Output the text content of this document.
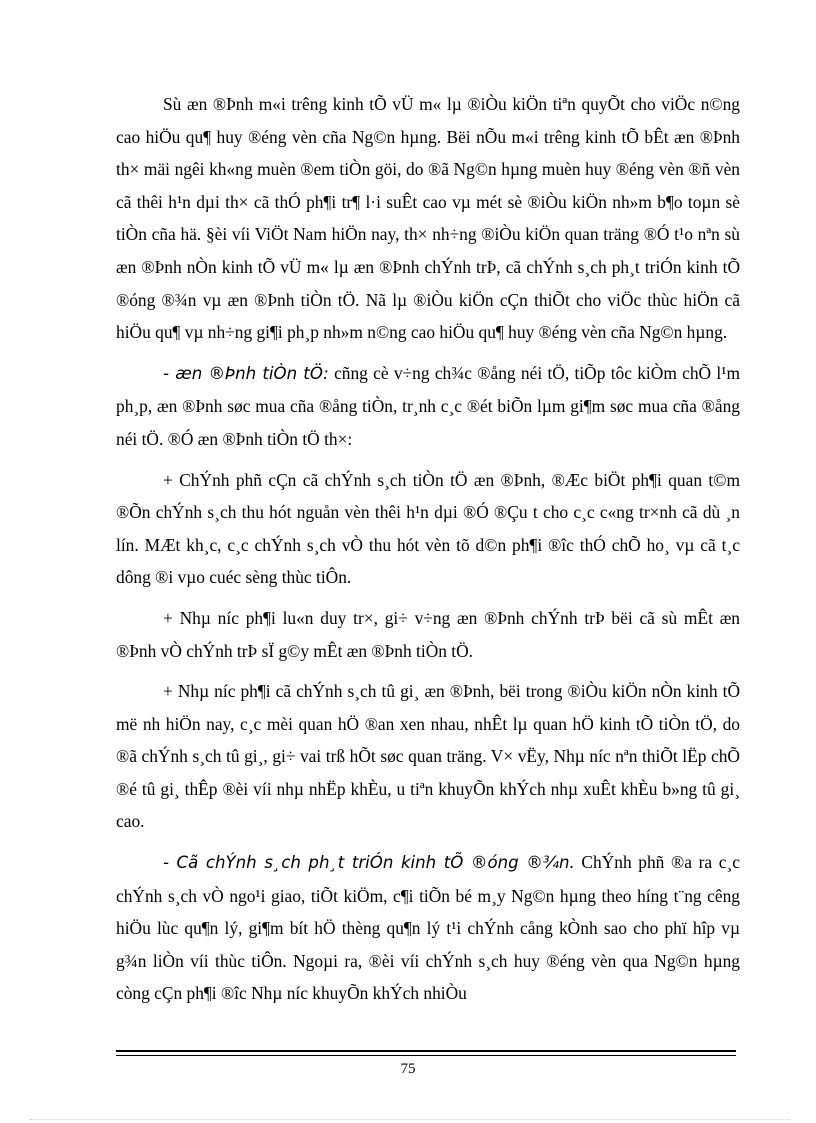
Sù æn ®Þnh m«i trêng kinh tÕ vÜ m« lµ ®iÒu kiÖn tiªn quyÕt cho viÖc n©ng cao hiÖu qu¶ huy ®éng vèn cña Ng©n hµng. Bëi nÕu m«i trêng kinh tÕ bÊt æn ®Þnh th× mäi ngêi kh«ng muèn ®em tiÒn göi, do ®ã Ng©n hµng muèn huy ®éng vèn ®ñ vèn cã thêi h¹n dµi th× cã thÓ ph¶i tr¶ l·i suÊt cao vµ mét sè ®iÒu kiÖn nh»m b¶o toµn sè tiÒn cña hä. §èi víi ViÖt Nam hiÖn nay, th× nh÷ng ®iÒu kiÖn quan träng ®Ó t¹o nªn sù æn ®Þnh nÒn kinh tÕ vÜ m« lµ æn ®Þnh chÝnh trÞ, cã chÝnh s¸ch ph¸t triÓn kinh tÕ ®óng ®¾n vµ æn ®Þnh tiÒn tÖ. Nã lµ ®iÒu kiÖn cÇn thiÕt cho viÖc thùc hiÖn cã hiÖu qu¶ vµ nh÷ng gi¶i ph¸p nh»m n©ng cao hiÖu qu¶ huy ®éng vèn cña Ng©n hµng.

- æn ®Þnh tiÒn tÖ: cñng cè v÷ng ch¾c ®ång néi tÖ, tiÕp tôc kiÒm chÕ l¹m ph¸p, æn ®Þnh søc mua cña ®ång tiÒn, tr¸nh c¸c ®ét biÕn lµm gi¶m søc mua cña ®ång néi tÖ. ®Ó æn ®Þnh tiÒn tÖ th×:

+ ChÝnh phñ cÇn cã chÝnh s¸ch tiÒn tÖ æn ®Þnh, ®Æc biÖt ph¶i quan t©m ®Õn chÝnh s¸ch thu hót nguån vèn thêi h¹n dµi ®Ó ®Çu t cho c¸c c«ng tr×nh cã dù ¸n lín. MÆt kh¸c, c¸c chÝnh s¸ch vÒ thu hót vèn tõ d©n ph¶i ®îc thÓ chÕ ho¸ vµ cã t¸c dông ®i vµo cuéc sèng thùc tiÔn.

+ Nhµ níc ph¶i lu«n duy tr×, gi÷ v÷ng æn ®Þnh chÝnh trÞ bëi cã sù mÊt æn ®Þnh vÒ chÝnh trÞ sÏ g©y mÊt æn ®Þnh tiÒn tÖ.

+ Nhµ níc ph¶i cã chÝnh s¸ch tû gi¸ æn ®Þnh, bëi trong ®iÒu kiÖn nÒn kinh tÕ më nh hiÖn nay, c¸c mèi quan hÖ ®an xen nhau, nhÊt lµ quan hÖ kinh tÕ tiÒn tÖ, do ®ã chÝnh s¸ch tû gi¸, gi÷ vai trß hÕt søc quan träng. V× vËy, Nhµ níc nªn thiÕt lËp chÕ ®é tû gi¸ thÊp ®èi víi nhµ nhËp khÈu, u tiªn khuyÕn khÝch nhµ xuÊt khÈu b»ng tû gi¸ cao.

- Cã chÝnh s¸ch ph¸t triÓn kinh tÕ ®óng ®¾n. ChÝnh phñ ®a ra c¸c chÝnh s¸ch vÒ ngo¹i giao, tiÕt kiÖm, c¶i tiÕn bé m¸y Ng©n hµng theo híng t¨ng cêng hiÖu lùc qu¶n lý, gi¶m bít hÖ thèng qu¶n lý t¹i chÝnh cång kÒnh sao cho phï hîp vµ g¾n liÒn víi thùc tiÔn. Ngoµi ra, ®èi víi chÝnh s¸ch huy ®éng vèn qua Ng©n hµng còng cÇn ph¶i ®îc Nhµ níc khuyÕn khÝch nhiÒu

75
